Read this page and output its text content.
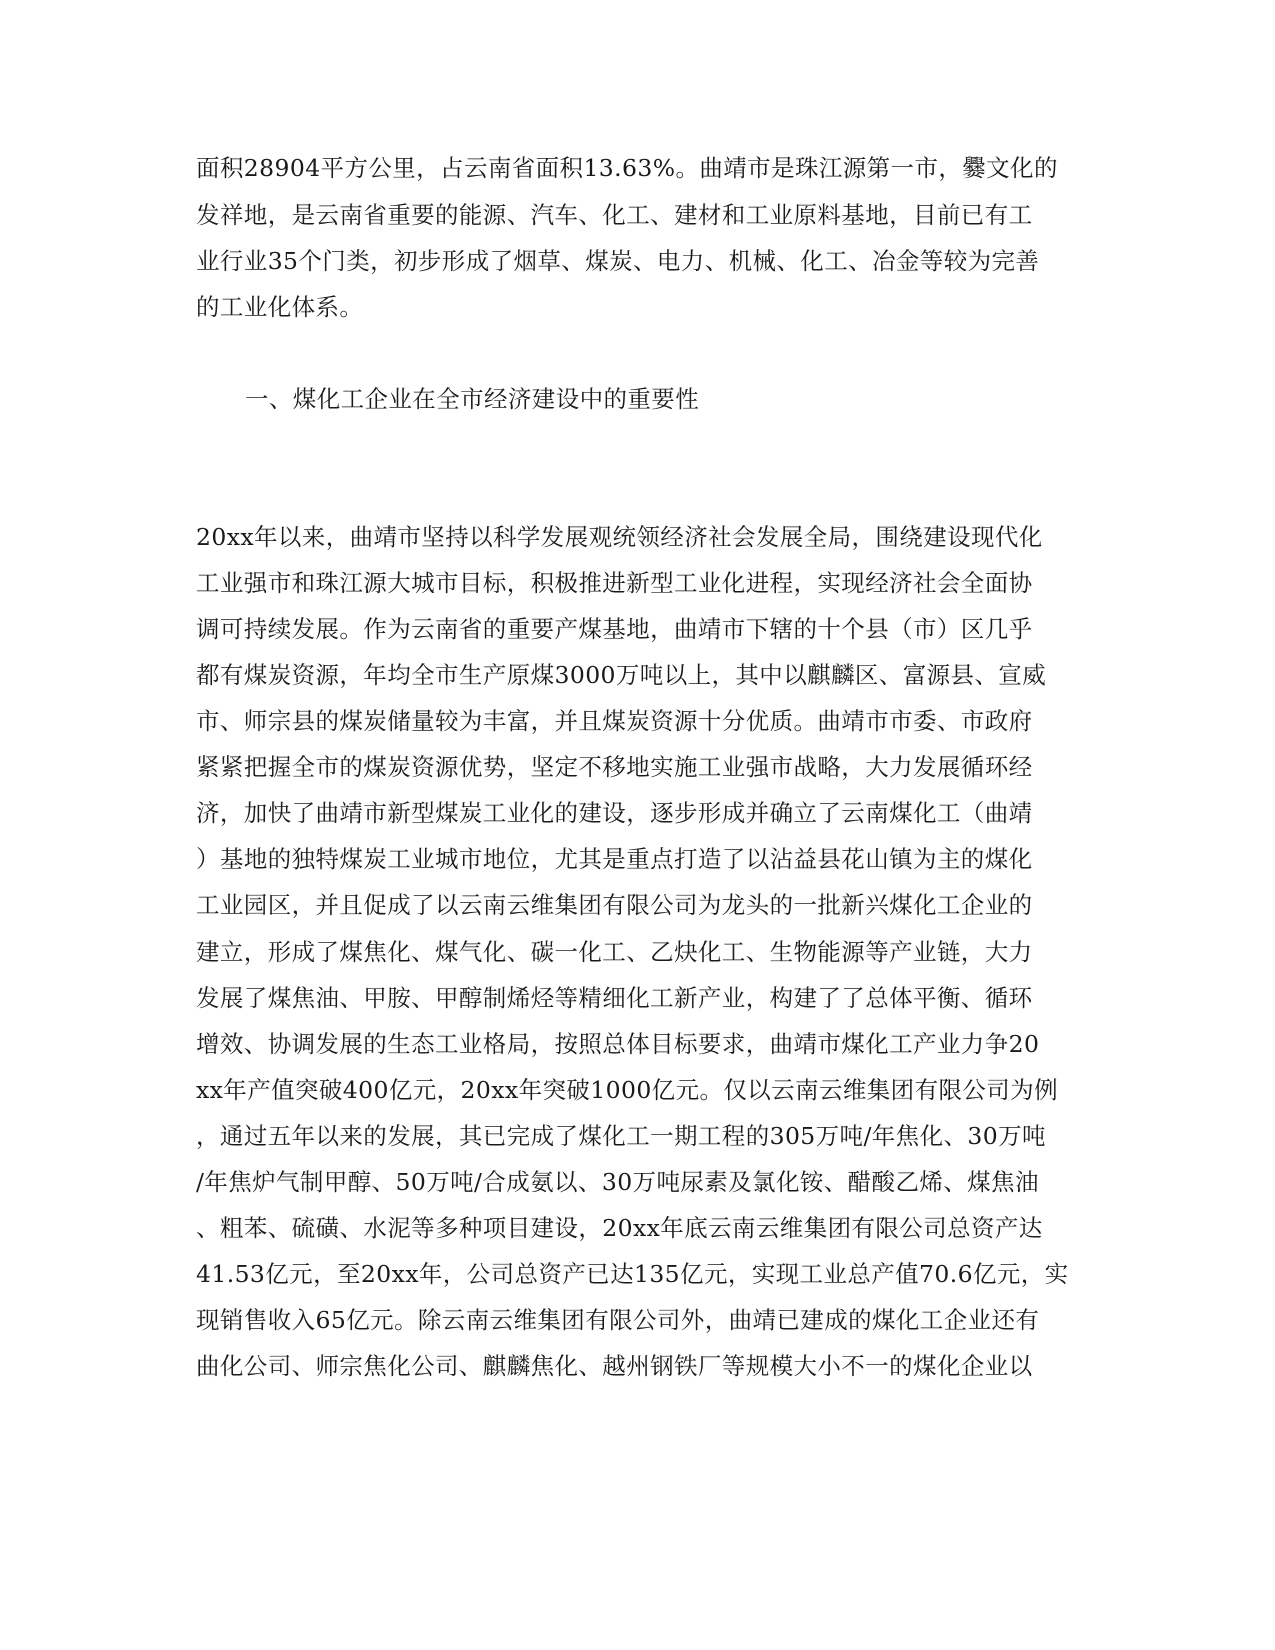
面积28904平方公里，占云南省面积13.63%。曲靖市是珠江源第一市，爨文化的
发祥地，是云南省重要的能源、汽车、化工、建材和工业原料基地，目前已有工
业行业35个门类，初步形成了烟草、煤炭、电力、机械、化工、冶金等较为完善
的工业化体系。
一、煤化工企业在全市经济建设中的重要性
20xx年以来，曲靖市坚持以科学发展观统领经济社会发展全局，围绕建设现代化
工业强市和珠江源大城市目标，积极推进新型工业化进程，实现经济社会全面协
调可持续发展。作为云南省的重要产煤基地，曲靖市下辖的十个县（市）区几乎
都有煤炭资源，年均全市生产原煤3000万吨以上，其中以麒麟区、富源县、宣威
市、师宗县的煤炭储量较为丰富，并且煤炭资源十分优质。曲靖市市委、市政府
紧紧把握全市的煤炭资源优势，坚定不移地实施工业强市战略，大力发展循环经
济，加快了曲靖市新型煤炭工业化的建设，逐步形成并确立了云南煤化工（曲靖
）基地的独特煤炭工业城市地位，尤其是重点打造了以沾益县花山镇为主的煤化
工业园区，并且促成了以云南云维集团有限公司为龙头的一批新兴煤化工企业的
建立，形成了煤焦化、煤气化、碳一化工、乙炔化工、生物能源等产业链，大力
发展了煤焦油、甲胺、甲醇制烯烃等精细化工新产业，构建了了总体平衡、循环
增效、协调发展的生态工业格局，按照总体目标要求，曲靖市煤化工产业力争20
xx年产值突破400亿元，20xx年突破1000亿元。仅以云南云维集团有限公司为例
，通过五年以来的发展，其已完成了煤化工一期工程的305万吨/年焦化、30万吨
/年焦炉气制甲醇、50万吨/合成氨以、30万吨尿素及氯化铵、醋酸乙烯、煤焦油
、粗苯、硫磺、水泥等多种项目建设，20xx年底云南云维集团有限公司总资产达
41.53亿元，至20xx年，公司总资产已达135亿元，实现工业总产值70.6亿元，实
现销售收入65亿元。除云南云维集团有限公司外，曲靖已建成的煤化工企业还有
曲化公司、师宗焦化公司、麒麟焦化、越州钢铁厂等规模大小不一的煤化企业以
